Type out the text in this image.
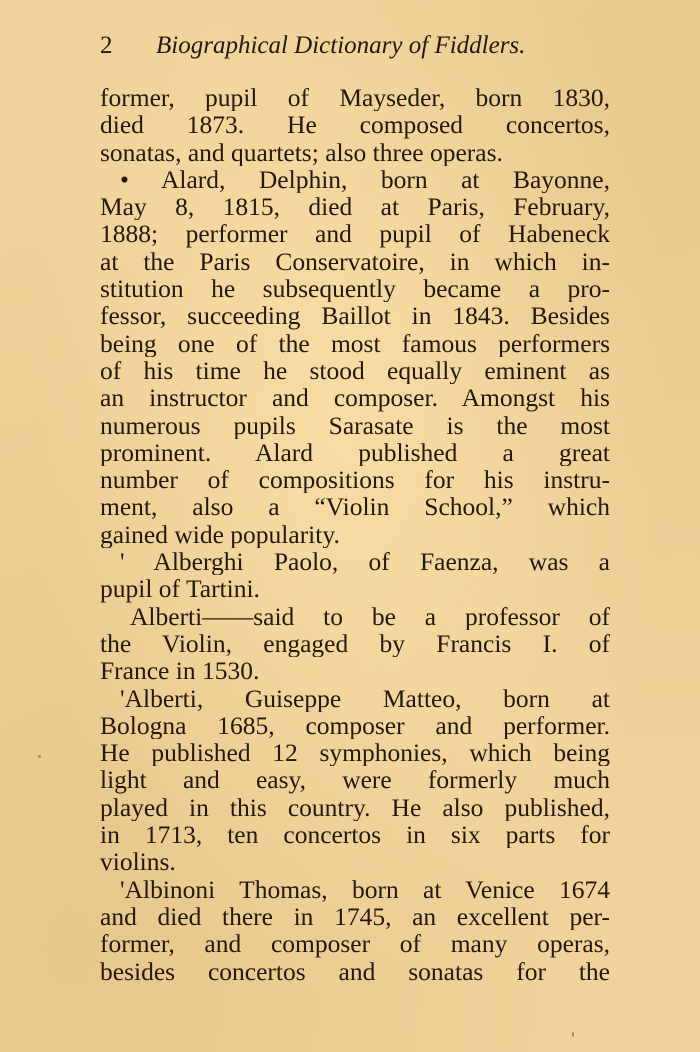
2 Biographical Dictionary of Fiddlers.
former, pupil of Mayseder, born 1830,
died 1873. He composed concertos,
sonatas, and quartets; also three operas.
• Alard, Delphin, born at Bayonne,
May 8, 1815, died at Paris, February,
1888; performer and pupil of Habeneck
at the Paris Conservatoire, in which in-
stitution he subsequently became a pro-
fessor, succeeding Baillot in 1843. Besides
being one of the most famous performers
of his time he stood equally eminent as
an instructor and composer. Amongst his
numerous pupils Sarasate is the most
prominent. Alard published a great
number of compositions for his instru-
ment, also a “Violin School,” which
gained wide popularity.
' Alberghi Paolo, of Faenza, was a
pupil of Tartini.
Alberti——said to be a professor of
the Violin, engaged by Francis I. of
France in 1530.
'Alberti, Guiseppe Matteo, born at
Bologna 1685, composer and performer.
He published 12 symphonies, which being
light and easy, were formerly much
played in this country. He also published,
in 1713, ten concertos in six parts for
violins.
'Albinoni Thomas, born at Venice 1674
and died there in 1745, an excellent per-
former, and composer of many operas,
besides concertos and sonatas for the
